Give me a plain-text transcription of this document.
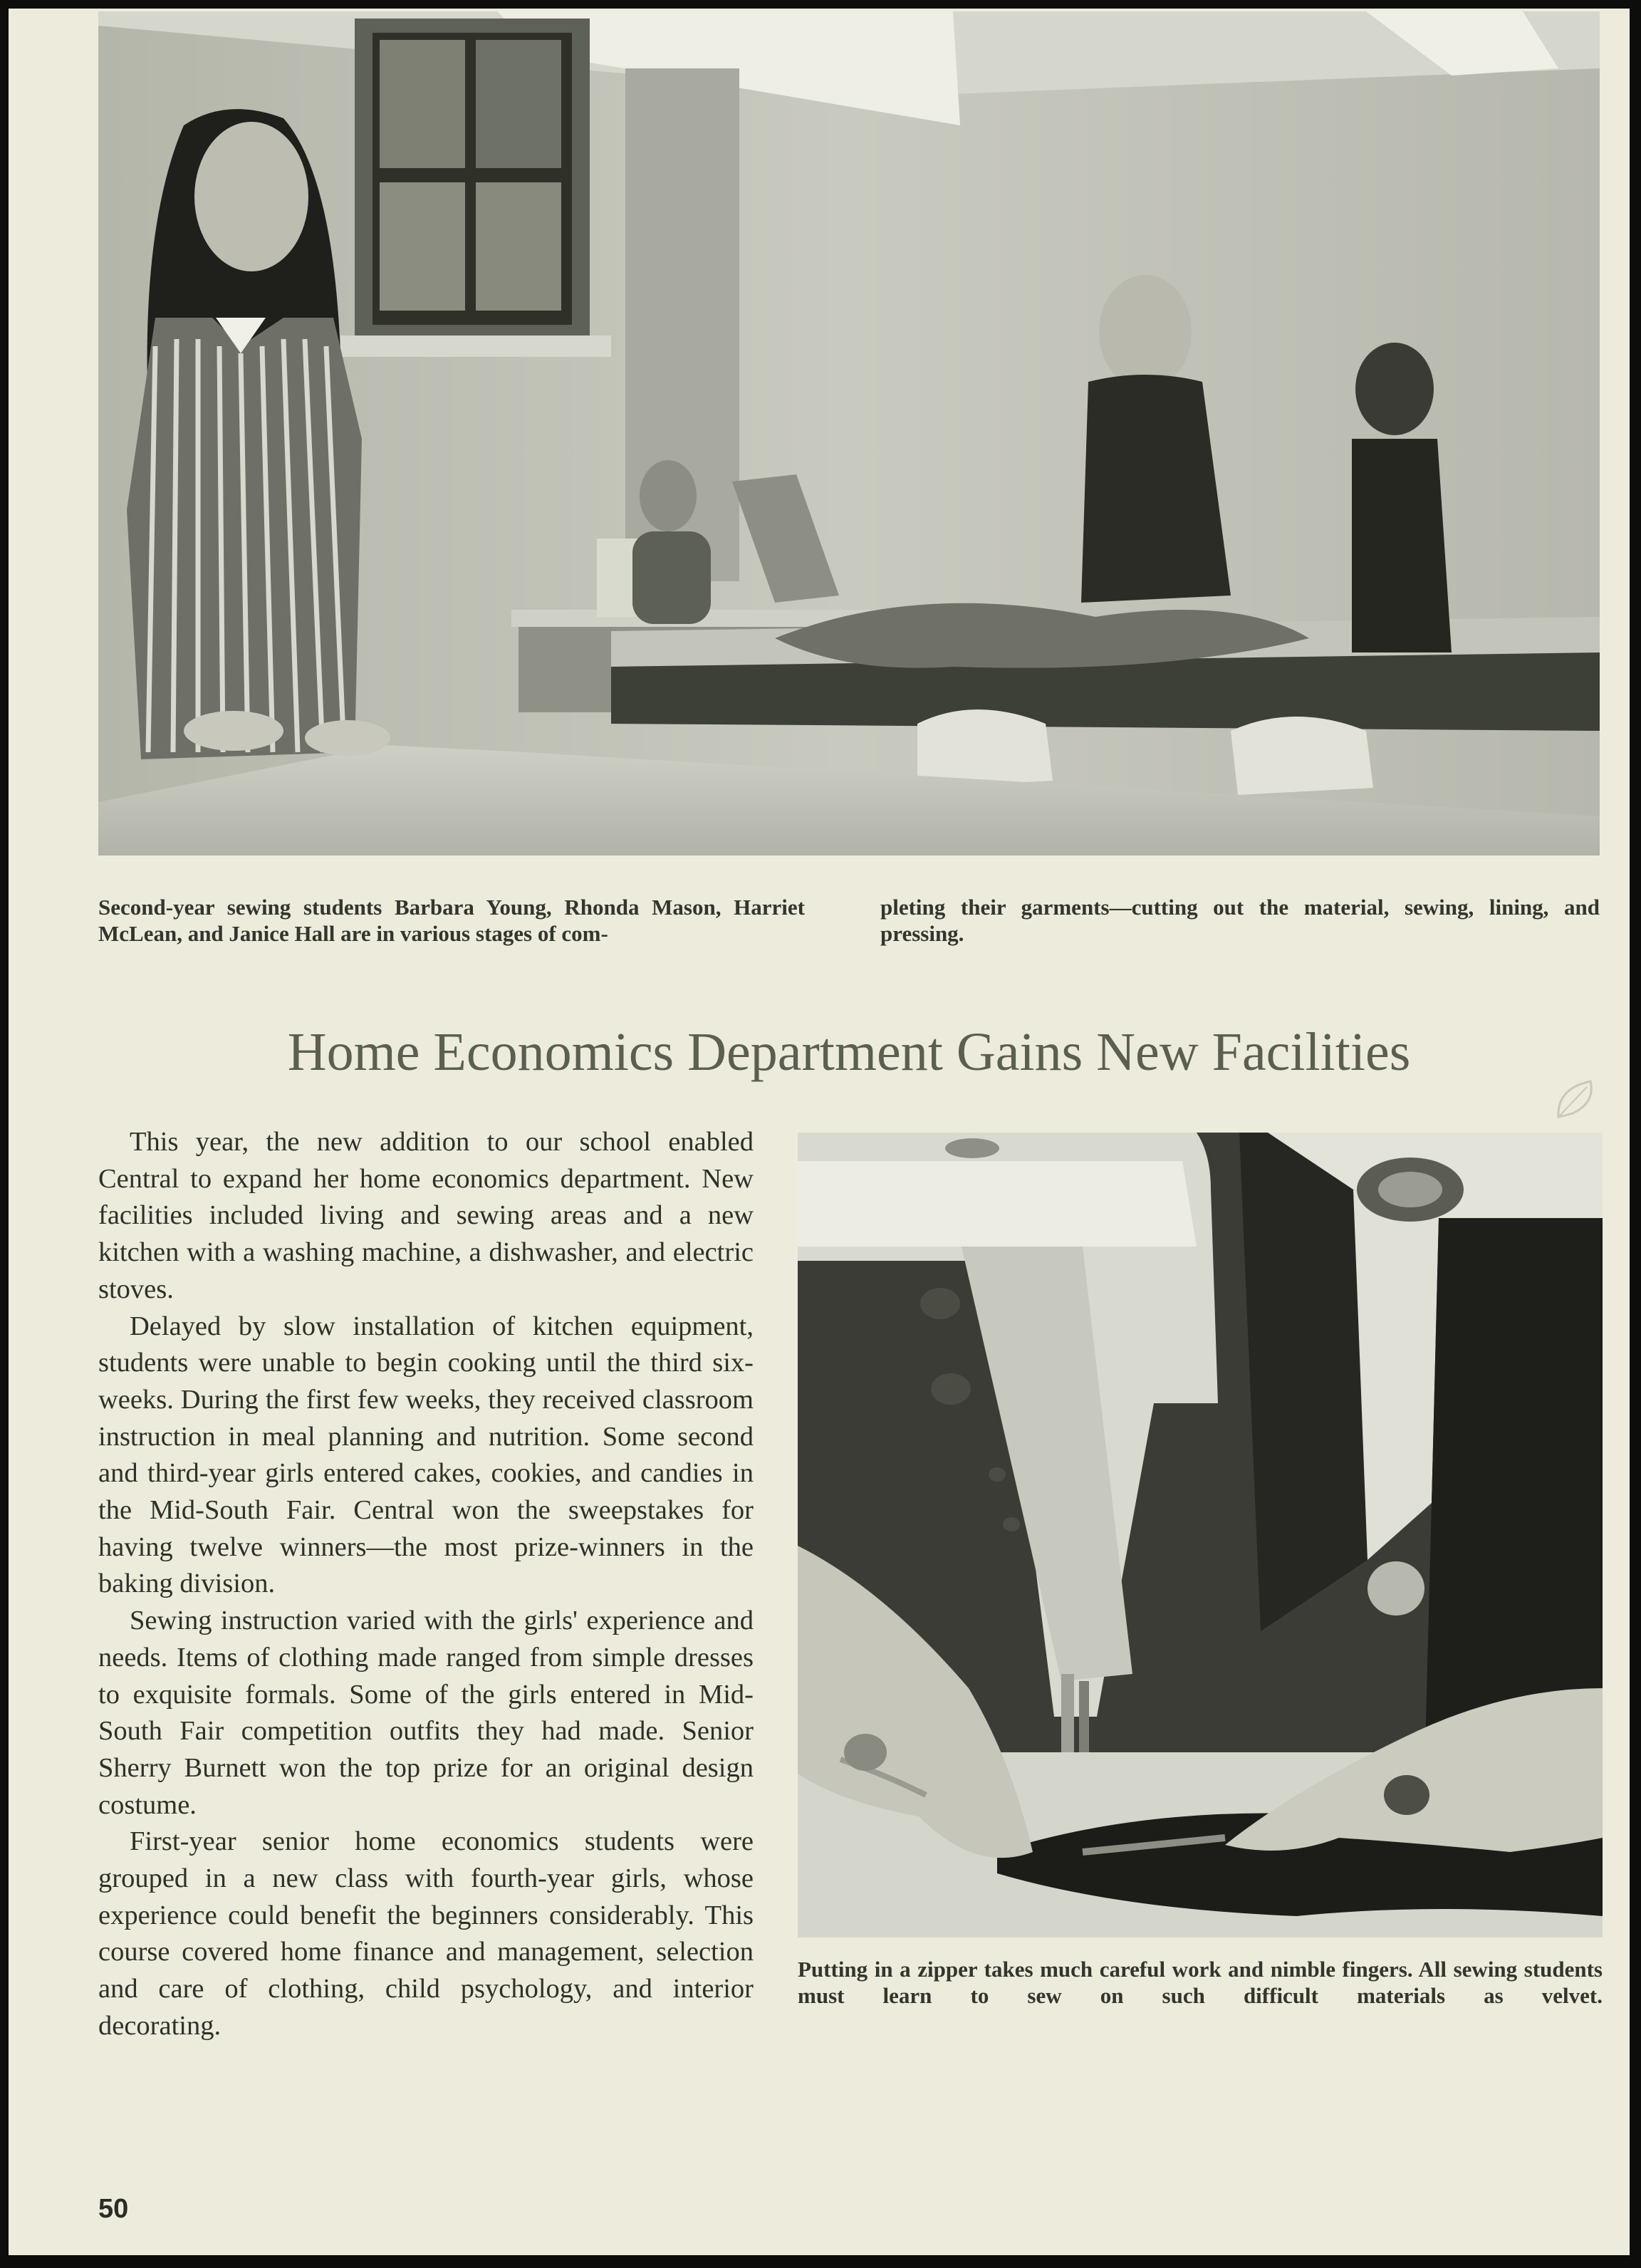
Second-year sewing students Barbara Young, Rhonda Mason, Harriet McLean, and Janice Hall are in various stages of com-
pleting their garments—cutting out the material, sewing, lining, and pressing.
Home Economics Department Gains New Facilities

This year, the new addition to our school enabled Central to expand her home economics department. New facilities included living and sewing areas and a new kitchen with a washing machine, a dishwasher, and electric stoves.

Delayed by slow installation of kitchen equipment, students were unable to begin cooking until the third six-weeks. During the first few weeks, they received classroom instruction in meal planning and nutrition. Some second and third-year girls entered cakes, cookies, and candies in the Mid-South Fair. Central won the sweepstakes for having twelve winners—the most prize-winners in the baking division.

Sewing instruction varied with the girls' experience and needs. Items of clothing made ranged from simple dresses to exquisite formals. Some of the girls entered in Mid-South Fair competition outfits they had made. Senior Sherry Burnett won the top prize for an original design costume.

First-year senior home economics students were grouped in a new class with fourth-year girls, whose experience could benefit the beginners considerably. This course covered home finance and management, selection and care of clothing, child psychology, and interior decorating.

Putting in a zipper takes much careful work and nimble fingers. All sewing students must learn to sew on such difficult materials as velvet.
50
